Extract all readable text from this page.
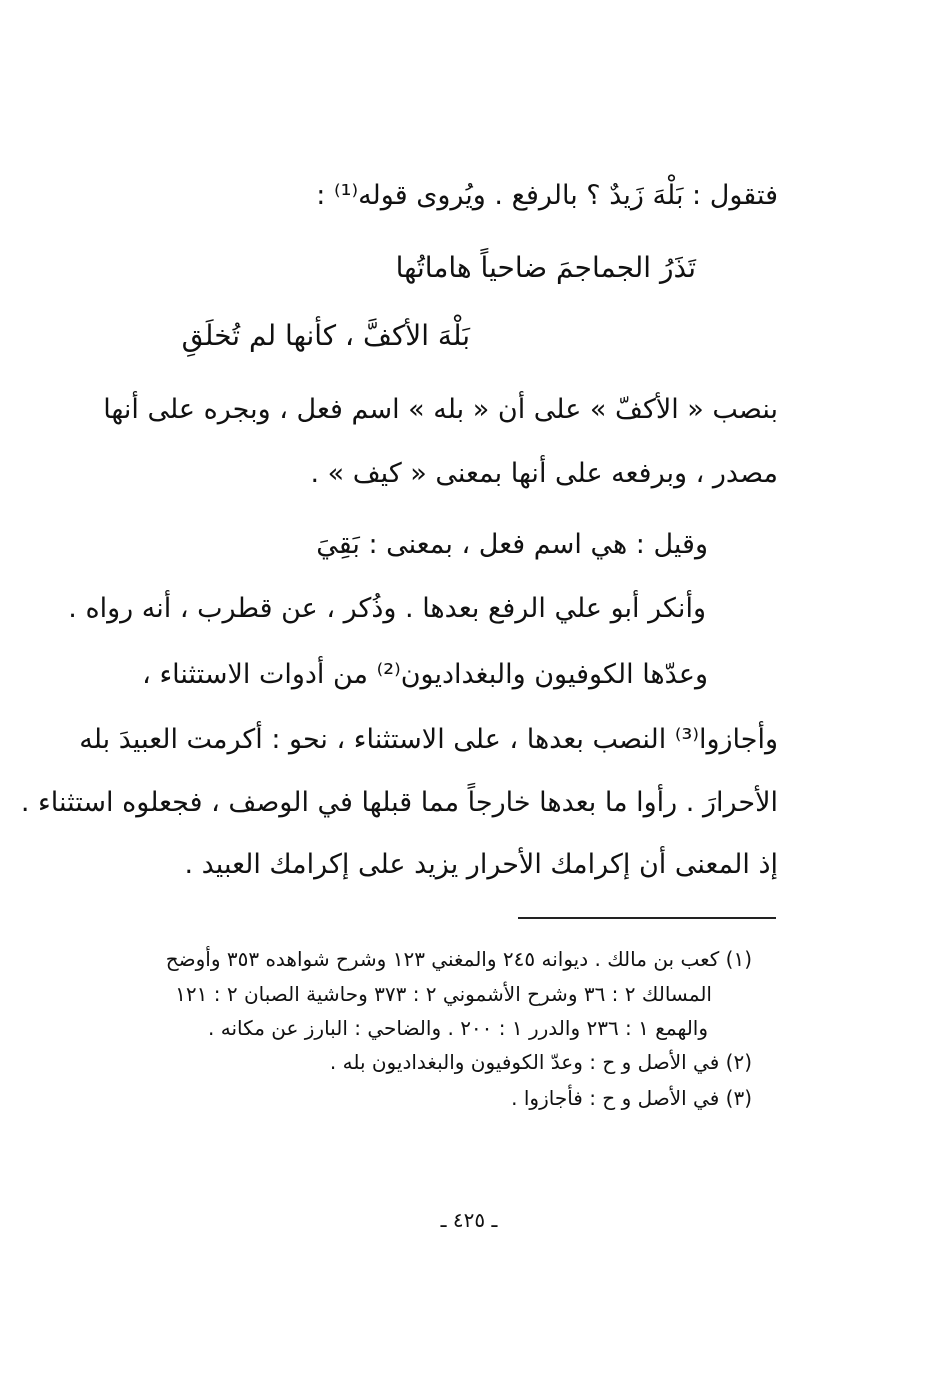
فتقول : بَلْهَ زَيدٌ ؟ بالرفع . ويُروى قوله⁽¹⁾ :
تَذَرُ الجماجمَ ضاحياً هاماتُها
بَلْهَ الأكفَّ ، كأنها لم تُخلَقِ
بنصب « الأكفّ » على أن « بله » اسم فعل ، وبجره على أنها
مصدر ، وبرفعه على أنها بمعنى « كيف » .
وقيل : هي اسم فعل ، بمعنى : بَقِيَ
وأنكر أبو علي الرفع بعدها . وذُكر ، عن قطرب ، أنه رواه .
وعدّها الكوفيون والبغداديون⁽²⁾ من أدوات الاستثناء ،
وأجازوا⁽³⁾ النصب بعدها ، على الاستثناء ، نحو : أكرمت العبيدَ بله
الأحرارَ . رأوا ما بعدها خارجاً مما قبلها في الوصف ، فجعلوه استثناء .
إذ المعنى أن إكرامك الأحرار يزيد على إكرامك العبيد .
(١) كعب بن مالك . ديوانه ٢٤٥ والمغني ١٢٣ وشرح شواهده ٣٥٣ وأوضح
المسالك ٢ : ٣٦ وشرح الأشموني ٢ : ٣٧٣ وحاشية الصبان ٢ : ١٢١
والهمع ١ : ٢٣٦ والدرر ١ : ٢٠٠ . والضاحي : البارز عن مكانه .
(٢) في الأصل و ح : وعدّ الكوفيون والبغداديون بله .
(٣) في الأصل و ح : فأجازوا .
ـ ٤٢٥ ـ
